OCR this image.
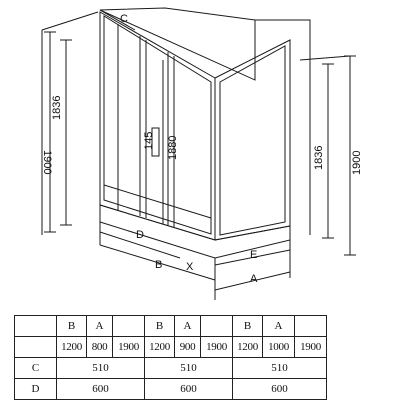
C
D
B X
E
A
1900
1836
145 1880	1836 1900
	B	A		B	A		B	A	
	1200	800	1900	1200	900	1900	1200	1000	1900
C	510			510			510		
D	600			600			600		
